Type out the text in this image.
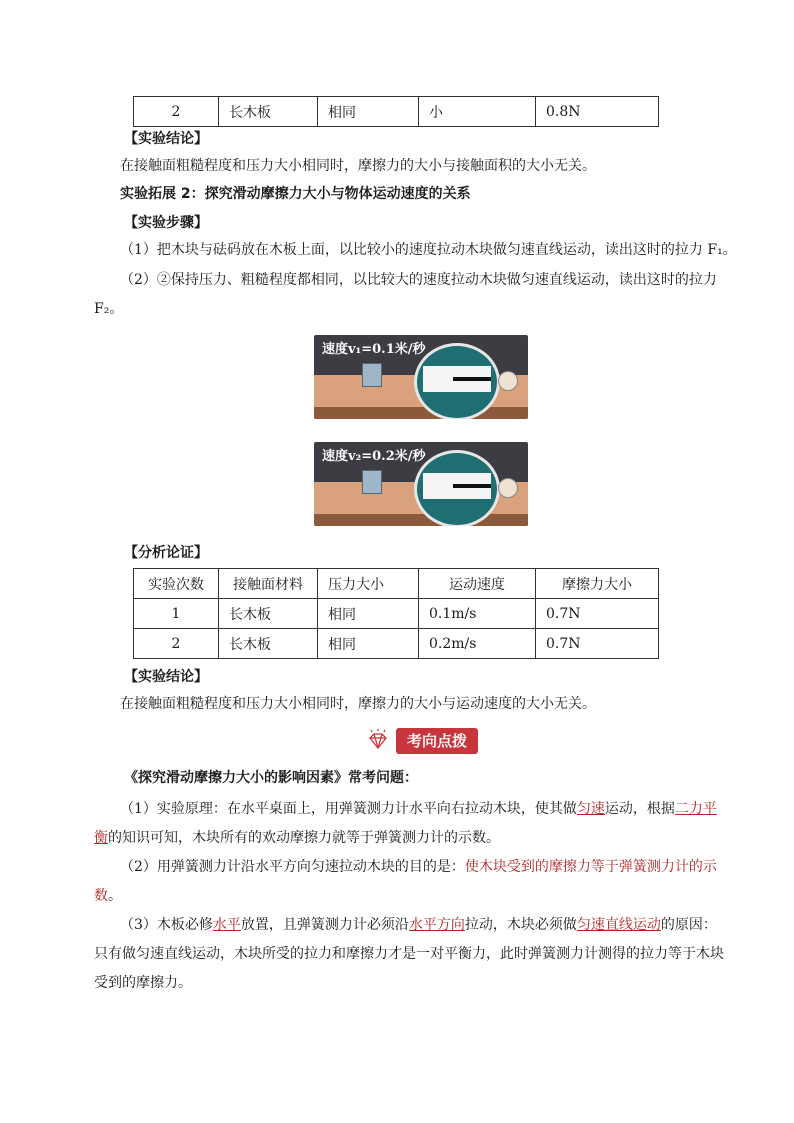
2	长木板	相同	小	0.8N
【实验结论】
在接触面粗糙程度和压力大小相同时，摩擦力的大小与接触面积的大小无关。
实验拓展 2：探究滑动摩擦力大小与物体运动速度的关系
【实验步骤】
（1）把木块与砝码放在木板上面，以比较小的速度拉动木块做匀速直线运动，读出这时的拉力 F₁。
（2）②保持压力、粗糙程度都相同，以比较大的速度拉动木块做匀速直线运动，读出这时的拉力
F₂。
速度v₁=0.1米/秒
速度v₂=0.2米/秒
【分析论证】
实验次数	接触面材料	压力大小	运动速度	摩擦力大小
1	长木板	相同	0.1m/s	0.7N
2	长木板	相同	0.2m/s	0.7N
【实验结论】
在接触面粗糙程度和压力大小相同时，摩擦力的大小与运动速度的大小无关。
考向点拨
《探究滑动摩擦力大小的影响因素》常考问题：
（1）实验原理：在水平桌面上，用弹簧测力计水平向右拉动木块，使其做匀速运动，根据二力平
衡的知识可知，木块所有的欢动摩擦力就等于弹簧测力计的示数。
（2）用弹簧测力计沿水平方向匀速拉动木块的目的是：使木块受到的摩擦力等于弹簧测力计的示
数。
（3）木板必修水平放置，且弹簧测力计必须沿水平方向拉动，木块必须做匀速直线运动的原因：
只有做匀速直线运动，木块所受的拉力和摩擦力才是一对平衡力，此时弹簧测力计测得的拉力等于木块
受到的摩擦力。
